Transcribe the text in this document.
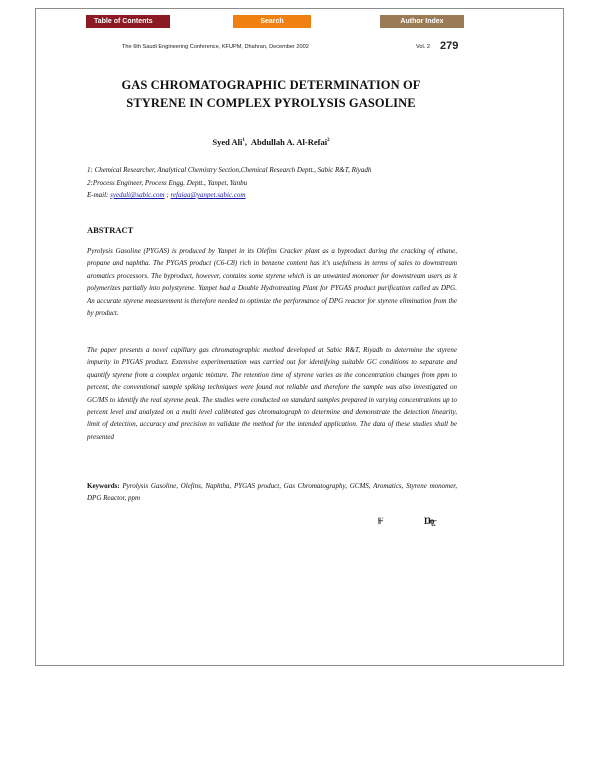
Table of Contents	Search	Author Index
The 6th Saudi Engineering Conference, KFUPM, Dhahran, December 2002	Vol. 2 279
GAS CHROMATOGRAPHIC DETERMINATION OF
STYRENE IN COMPLEX PYROLYSIS GASOLINE
Syed Ali$^1$, Abdullah A. Al-Refai$^2$
1: Chemical Researcher, Analytical Chemistry Section,Chemical Research Deptt., Sabic R&T, Riyadh
2:Process Engineer, Process Engg. Deptt., Yanpet, Yanbu
E-mail: syedali@sabic.com ; refaiaa@yanpet.sabic.com
ABSTRACT

Pyrolysis Gasoline (PYGAS) is produced by Yanpet in its Olefins Cracker plant as a byproduct during the cracking of ethane, propane and naphtha. The PYGAS product (C6-C8) rich in benzene content has it's usefulness in terms of sales to downstream aromatics processors. The byproduct, however, contains some styrene which is an unwanted monomer for downstream users as it polymerizes partially into polystyrene. Yanpet had a Double Hydrotreating Plant for PYGAS product purification called as DPG. An accurate styrene measurement is therefore needed to optimize the performance of DPG reactor for styrene elimination from the by product.

The paper presents a novel capillary gas chromatographic method developed at Sabic R&T, Riyadh to determine the styrene impurity in PYGAS product. Extensive experimentation was carried out for identifying suitable GC conditions to separate and quantify styrene from a complex organic mixture. The retention time of styrene varies as the concentration changes from ppm to percent, the conventional sample spiking techniques were found not reliable and therefore the sample was also investigated on GC/MS to identify the real styrene peak. The studies were conducted on standard samples prepared in varying concentrations up to percent level and analyzed on a multi level calibrated gas chromatograph to determine and demonstrate the detection linearity, limit of detection, accuracy and precision to validate the method for the intended application. The data of these studies shall be presented

Keywords: Pyrolysis Gasoline, Olefins, Naphtha, PYGAS product, Gas Chromatography, GCMS, Aromatics, Styrene monomer, DPG Reactor, ppm

ǁ̶͘	Ŋ̶ǫ̶̖̖
